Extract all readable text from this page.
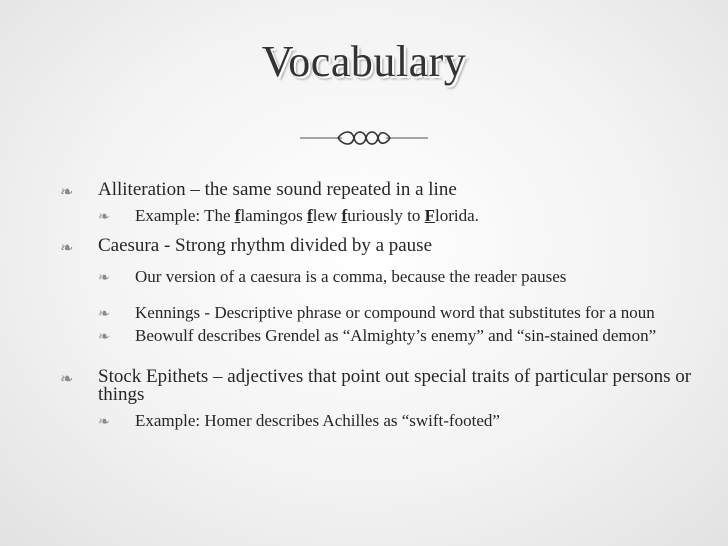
Vocabulary
❧ Alliteration – the same sound repeated in a line
❧ Example: The flamingos flew furiously to Florida.
❧ Caesura - Strong rhythm divided by a pause
❧ Our version of a caesura is a comma, because the reader pauses
❧ Kennings - Descriptive phrase or compound word that substitutes for a noun
❧ Beowulf describes Grendel as “Almighty’s enemy” and “sin-stained demon”
❧ Stock Epithets – adjectives that point out special traits of particular persons or things
❧ Example: Homer describes Achilles as “swift-footed”
